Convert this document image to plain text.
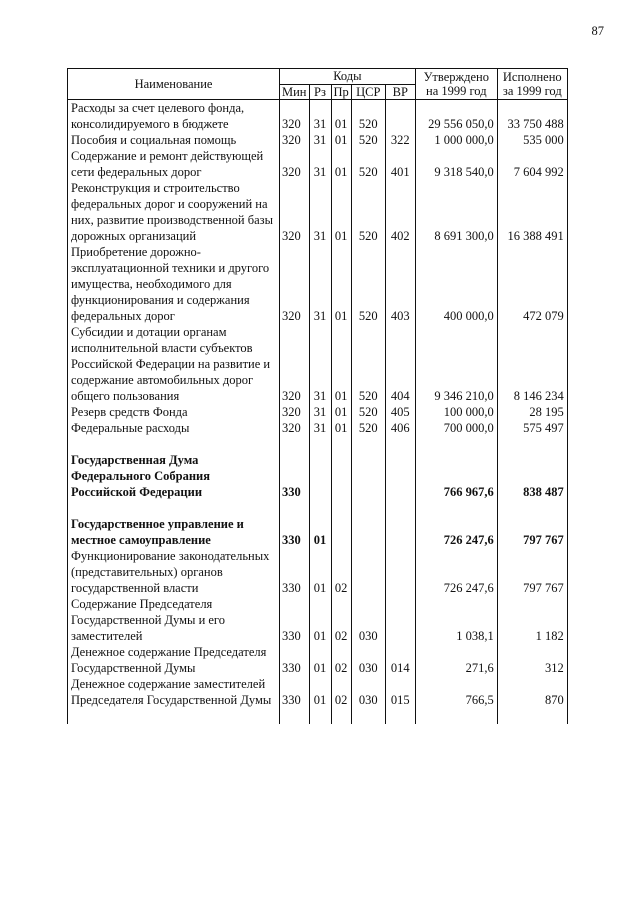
87
Наименование	Коды					Утверждено на 1999 год	Исполнено за 1999 год
	Мин	Рз	Пр	ЦСР	ВР		
Расходы за счет целевого фонда, консолидируемого в бюджете	320	31	01	520		29 556 050,0	33 750 488
Пособия и социальная помощь	320	31	01	520	322	1 000 000,0	535 000
Содержание и ремонт действующей сети федеральных дорог	320	31	01	520	401	9 318 540,0	7 604 992
Реконструкция и строительство федеральных дорог и сооружений на них, развитие производственной базы дорожных организаций	320	31	01	520	402	8 691 300,0	16 388 491
Приобретение дорожно-эксплуатационной техники и другого имущества, необходимого для функционирования и содержания федеральных дорог	320	31	01	520	403	400 000,0	472 079
Субсидии и дотации органам исполнительной власти субъектов Российской Федерации на развитие и содержание автомобильных дорог общего пользования	320	31	01	520	404	9 346 210,0	8 146 234
Резерв средств Фонда	320	31	01	520	405	100 000,0	28 195
Федеральные расходы	320	31	01	520	406	700 000,0	575 497

Государственная Дума Федерального Собрания Российской Федерации	330					766 967,6	838 487

Государственное управление и местное самоуправление	330	01				726 247,6	797 767
Функционирование законодательных (представительных) органов государственной власти	330	01	02			726 247,6	797 767
Содержание Председателя Государственной Думы и его заместителей	330	01	02	030		1 038,1	1 182
Денежное содержание Председателя Государственной Думы	330	01	02	030	014	271,6	312
Денежное содержание заместителей Председателя Государственной Думы	330	01	02	030	015	766,5	870
